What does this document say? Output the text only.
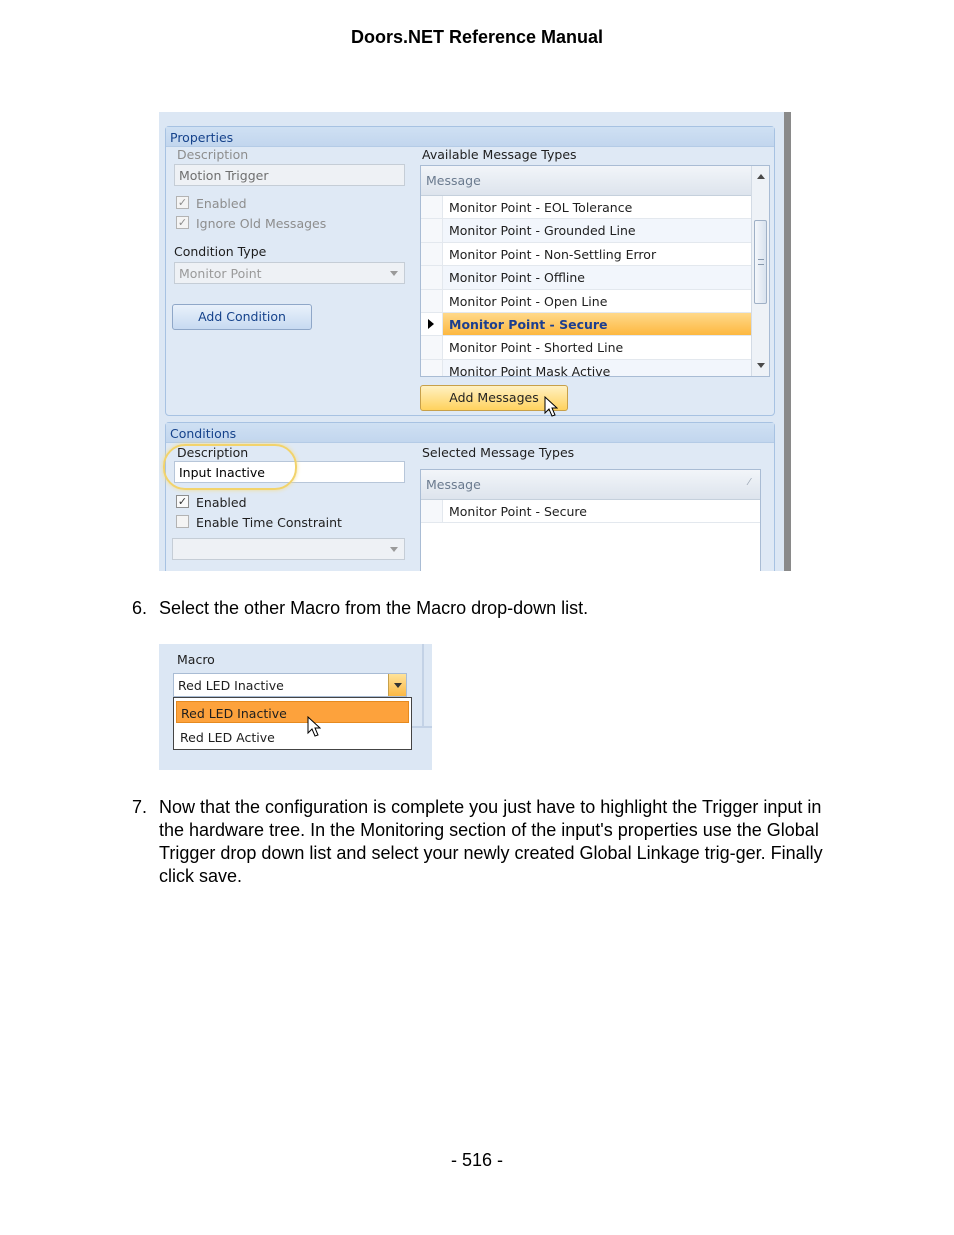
Doors.NET Reference Manual
Properties
Description
Motion Trigger
✓ Enabled
✓ Ignore Old Messages
Condition Type
Monitor Point
Add Condition
Available Message Types
Message
Monitor Point - EOL Tolerance
Monitor Point - Grounded Line
Monitor Point - Non-Settling Error
Monitor Point - Offline
Monitor Point - Open Line
Monitor Point - Secure
Monitor Point - Shorted Line
Monitor Point Mask Active
Add Messages
Conditions
Description
Input Inactive
✓ Enabled
Enable Time Constraint
Selected Message Types
Message	⁄
Monitor Point - Secure
6. Select the other Macro from the Macro drop-down list.
Macro
Red LED Inactive
Red LED Inactive
Red LED Active
7. Now that the configuration is complete you just have to highlight the Trigger input in the hardware tree. In the Monitoring section of the input's properties use the Global Trigger drop down list and select your newly created Global Linkage trig-ger. Finally click save.
- 516 -
